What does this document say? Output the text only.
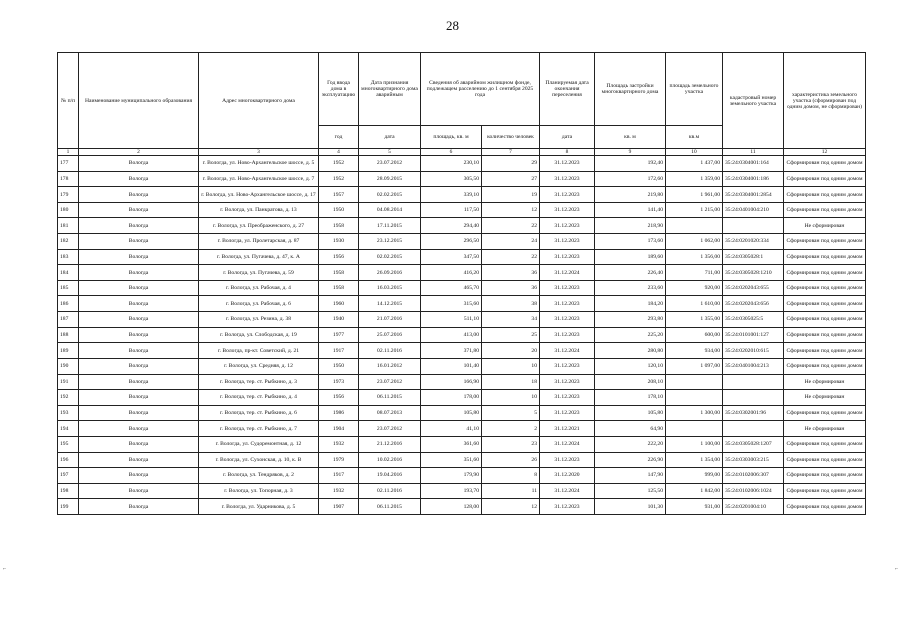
28
№ п/п	Наименование муниципального образования	Адрес многоквартирного дома	Год ввода дома в эксплуатацию	Дата признания многоквартирного дома аварийным	Сведения об аварийном жилищном фонде, подлежащем расселению до 1 сентября 2025 года		Планируемая дата окончания переселения	Площадь застройки многоквартирного дома	площадь земельного участка	кадастровый номер земельного участка	характеристика земельного участка (сформирован под одним домом, не сформирован)
			год	дата	площадь, кв. м	количество человек	дата	кв. м	кв.м		
1	2	3	4	5	6	7	8	9	10	11	12
177	Вологда	г. Вологда, ул. Ново-Архангельское шоссе, д. 5	1952	23.07.2012	230,10	29	31.12.2023	192,40	1 437,00	35:24:0304001:164	Сформирован под одним домом
178	Вологда	г. Вологда, ул. Ново-Архангельское шоссе, д. 7	1952	28.09.2015	305,50	27	31.12.2023	172,60	1 359,00	35:24:0304001:186	Сформирован под одним домом
179	Вологда	г. Вологда, ул. Ново-Архангельское шоссе, д. 17	1957	02.02.2015	339,10	19	31.12.2023	219,80	1 961,00	35:24:0304001:2854	Сформирован под одним домом
180	Вологда	г. Вологда, ул. Панкратова, д. 13	1950	04.08.2014	117,50	12	31.12.2023	141,40	1 215,00	35:24:0401004:210	Сформирован под одним домом
181	Вологда	г. Вологда, ул. Преображенского, д. 27	1958	17.11.2015	294,40	22	31.12.2023	218,90			Не сформирован
182	Вологда	г. Вологда, ул. Пролетарская, д. 87	1930	23.12.2015	296,50	24	31.12.2023	173,60	1 062,00	35:24:0201020:334	Сформирован под одним домом
183	Вологда	г. Вологда, ул. Пугачева, д. 47, к. А	1956	02.02.2015	347,50	22	31.12.2023	189,60	1 356,00	35:24:0305028:1	Сформирован под одним домом
184	Вологда	г. Вологда, ул. Пугачева, д. 59	1958	26.09.2016	416,20	36	31.12.2024	226,40	711,00	35:24:0305028:1210	Сформирован под одним домом
185	Вологда	г. Вологда, ул. Рабочая, д. 4	1958	16.03.2015	465,70	36	31.12.2023	233,60	920,00	35:24:0202043:655	Сформирован под одним домом
186	Вологда	г. Вологда, ул. Рабочая, д. 6	1960	14.12.2015	315,60	38	31.12.2023	184,20	1 610,00	35:24:0202043:656	Сформирован под одним домом
187	Вологда	г. Вологда, ул. Резина, д. 38	1940	21.07.2016	511,10	34	31.12.2023	293,80	1 355,00	35:24:0305025:5	Сформирован под одним домом
188	Вологда	г. Вологда, ул. Слободская, д. 19	1977	25.07.2016	413,00	25	31.12.2023	225,20	600,00	35:24:0101001:127	Сформирован под одним домом
189	Вологда	г. Вологда, пр-кт. Советский, д. 21	1917	02.11.2016	371,80	20	31.12.2024	280,80	934,00	35:24:0202010:615	Сформирован под одним домом
190	Вологда	г. Вологда, ул. Средняя, д. 12	1950	16.01.2012	101,40	10	31.12.2023	120,10	1 097,00	35:24:0401004:213	Сформирован под одним домом
191	Вологда	г. Вологда, тер. ст. Рыбкино, д. 3	1973	23.07.2012	166,90	18	31.12.2023	208,10			Не сформирован
192	Вологда	г. Вологда, тер. ст. Рыбкино, д. 4	1956	06.11.2015	178,00	10	31.12.2023	178,10			Не сформирован
193	Вологда	г. Вологда, тер. ст. Рыбкино, д. 6	1986	08.07.2013	105,80	5	31.12.2023	105,80	1 300,00	35:24:0302001:96	Сформирован под одним домом
194	Вологда	г. Вологда, тер. ст. Рыбкино, д. 7	1904	23.07.2012	41,10	2	31.12.2021	64,90			Не сформирован
195	Вологда	г. Вологда, ул. Судоремонтная, д. 12	1932	21.12.2016	361,60	23	31.12.2024	222,20	1 100,00	35:24:0305028:1207	Сформирован под одним домом
196	Вологда	г. Вологда, ул. Сухонская, д. 10, к. В	1979	10.02.2016	351,60	26	31.12.2023	226,90	1 354,00	35:24:0303003:215	Сформирован под одним домом
197	Вологда	г. Вологда, ул. Тендряков, д. 2	1917	19.04.2016	179,90	8	31.12.2020	147,90	999,00	35:24:0102006:307	Сформирован под одним домом
198	Вологда	г. Вологда, ул. Топорная, д. 3	1932	02.11.2016	193,70	11	31.12.2024	125,50	1 842,00	35:24:0102006:1024	Сформирован под одним домом
199	Вологда	г. Вологда, ул. Ударникова, д. 5	1907	06.11.2015	128,00	12	31.12.2023	101,30	931,00	35:24:0201004:10	Сформирован под одним домом
⌐	⌐
